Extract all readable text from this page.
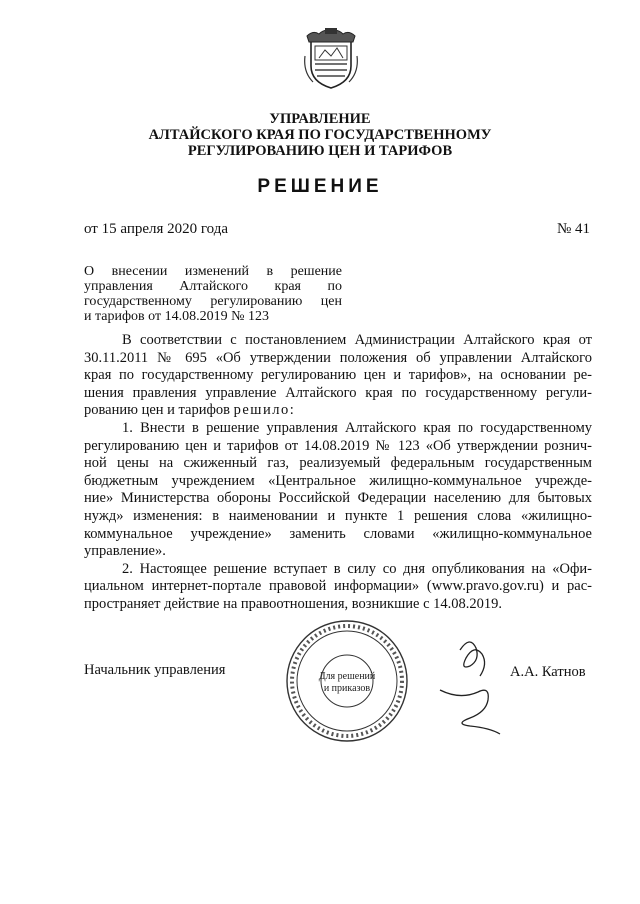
УПРАВЛЕНИЕ
АЛТАЙСКОГО КРАЯ ПО ГОСУДАРСТВЕННОМУ
РЕГУЛИРОВАНИЮ ЦЕН И ТАРИФОВ
РЕШЕНИЕ
от 15 апреля 2020 года	№ 41
О внесении изменений в решение
управления Алтайского края по
государственному регулированию цен
и тарифов от 14.08.2019 № 123
В соответствии с постановлением Администрации Алтайского края от
30.11.2011 № 695 «Об утверждении положения об управлении Алтайского
края по государственному регулированию цен и тарифов», на основании ре-
шения правления управление Алтайского края по государственному регули-
рованию цен и тарифов решило:
1. Внести в решение управления Алтайского края по государственному
регулированию цен и тарифов от 14.08.2019 № 123 «Об утверждении рознич-
ной цены на сжиженный газ, реализуемый федеральным государственным
бюджетным учреждением «Центральное жилищно-коммунальное учрежде-
ние» Министерства обороны Российской Федерации населению для бытовых
нужд» изменения: в наименовании и пункте 1 решения слова «жилищно-
коммунальное учреждение» заменить словами «жилищно-коммунальное
управление».
2. Настоящее решение вступает в силу со дня опубликования на «Офи-
циальном интернет-портале правовой информации» (www.pravo.gov.ru) и рас-
пространяет действие на правоотношения, возникшие с 14.08.2019.
Начальник управления	Для решений
и приказов
А.А. Катнов
